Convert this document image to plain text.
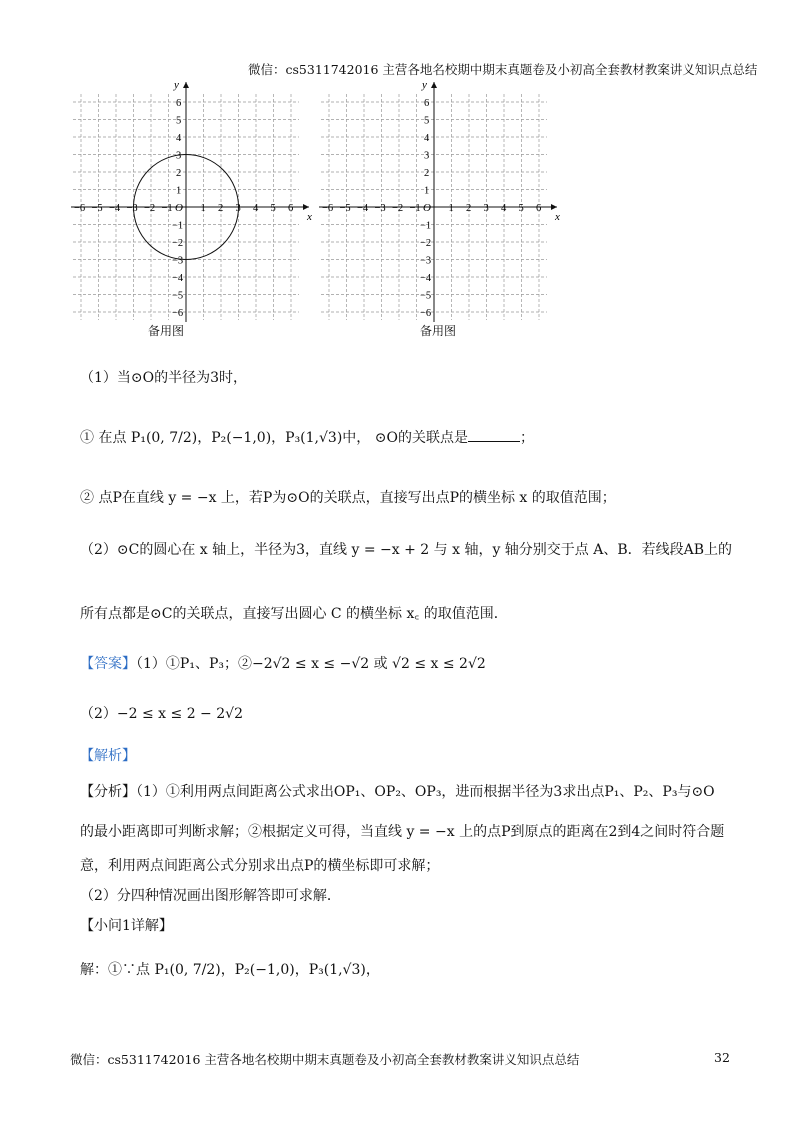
微信：cs5311742016 主营各地名校期中期末真题卷及小初高全套教材教案讲义知识点总结
x
y
O
−6 −5 −4 −3 −2 −1	1 2 3 4 5 6
1
−1
2
−2
3
−3
4
−4
5
−5
6
−6
x
y
O
−6 −5 −4 −3 −2 −1	1 2 3 4 5 6
1
−1
2
−2
3
−3
4
−4
5
−5
6
−6
备用图	备用图
（1）当⊙O的半径为3时，
① 在点 P₁(0, 7/2)，P₂(−1,0)，P₃(1,√3)中， ⊙O的关联点是	；
② 点P在直线 y = −x 上，若P为⊙O的关联点，直接写出点P的横坐标 x 的取值范围；
（2）⊙C的圆心在 x 轴上，半径为3，直线 y = −x + 2 与 x 轴，y 轴分别交于点 A、B．若线段AB上的
所有点都是⊙C的关联点，直接写出圆心 C 的横坐标 x꜀ 的取值范围．
【答案】（1）①P₁、P₃；②−2√2 ≤ x ≤ −√2 或 √2 ≤ x ≤ 2√2
（2）−2 ≤ x ≤ 2 − 2√2
【解析】
【分析】（1）①利用两点间距离公式求出OP₁、OP₂、OP₃，进而根据半径为3求出点P₁、P₂、P₃与⊙O
的最小距离即可判断求解；②根据定义可得，当直线 y = −x 上的点P到原点的距离在2到4之间时符合题
意，利用两点间距离公式分别求出点P的横坐标即可求解；
（2）分四种情况画出图形解答即可求解．
【小问1详解】
解：①∵点 P₁(0, 7/2)，P₂(−1,0)，P₃(1,√3)，
微信：cs5311742016 主营各地名校期中期末真题卷及小初高全套教材教案讲义知识点总结	32
